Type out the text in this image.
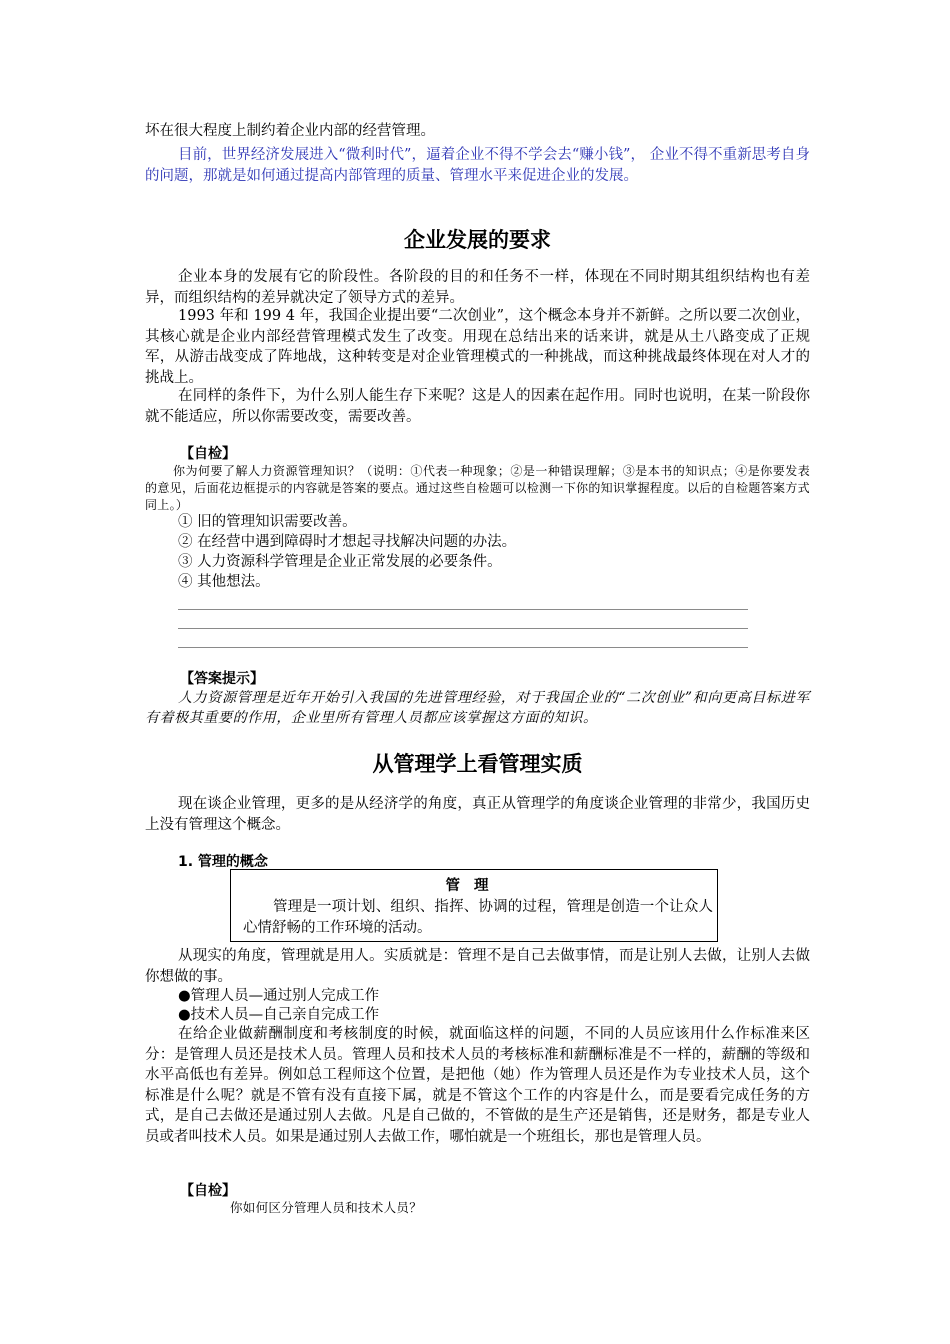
坏在很大程度上制约着企业内部的经营管理。

目前，世界经济发展进入“微利时代”，逼着企业不得不学会去“赚小钱”， 企业不得不重新思考自身的问题，那就是如何通过提高内部管理的质量、管理水平来促进企业的发展。

企业发展的要求

企业本身的发展有它的阶段性。各阶段的目的和任务不一样，体现在不同时期其组织结构也有差异，而组织结构的差异就决定了领导方式的差异。

1993 年和 199 4 年，我国企业提出要“二次创业”，这个概念本身并不新鲜。之所以要二次创业，其核心就是企业内部经营管理模式发生了改变。用现在总结出来的话来讲，就是从土八路变成了正规军，从游击战变成了阵地战，这种转变是对企业管理模式的一种挑战，而这种挑战最终体现在对人才的挑战上。

在同样的条件下，为什么别人能生存下来呢？这是人的因素在起作用。同时也说明，在某一阶段你就不能适应，所以你需要改变，需要改善。

【自检】

你为何要了解人力资源管理知识？（说明：①代表一种现象；②是一种错误理解；③是本书的知识点；④是你要发表的意见，后面花边框提示的内容就是答案的要点。通过这些自检题可以检测一下你的知识掌握程度。以后的自检题答案方式同上。）

① 旧的管理知识需要改善。

② 在经营中遇到障碍时才想起寻找解决问题的办法。

③ 人力资源科学管理是企业正常发展的必要条件。

④ 其他想法。

【答案提示】

人力资源管理是近年开始引入我国的先进管理经验，对于我国企业的“二次创业”和向更高目标进军有着极其重要的作用，企业里所有管理人员都应该掌握这方面的知识。

从管理学上看管理实质

现在谈企业管理，更多的是从经济学的角度，真正从管理学的角度谈企业管理的非常少，我国历史上没有管理这个概念。

1. 管理的概念

管理

管理是一项计划、组织、指挥、协调的过程，管理是创造一个让众人心情舒畅的工作环境的活动。

从现实的角度，管理就是用人。实质就是：管理不是自己去做事情，而是让别人去做，让别人去做你想做的事。

●管理人员—通过别人完成工作

●技术人员—自己亲自完成工作

在给企业做薪酬制度和考核制度的时候，就面临这样的问题，不同的人员应该用什么作标准来区分：是管理人员还是技术人员。管理人员和技术人员的考核标准和薪酬标准是不一样的，薪酬的等级和水平高低也有差异。例如总工程师这个位置，是把他（她）作为管理人员还是作为专业技术人员，这个标准是什么呢？就是不管有没有直接下属，就是不管这个工作的内容是什么，而是要看完成任务的方式，是自己去做还是通过别人去做。凡是自己做的，不管做的是生产还是销售，还是财务，都是专业人员或者叫技术人员。如果是通过别人去做工作，哪怕就是一个班组长，那也是管理人员。

【自检】

你如何区分管理人员和技术人员？
